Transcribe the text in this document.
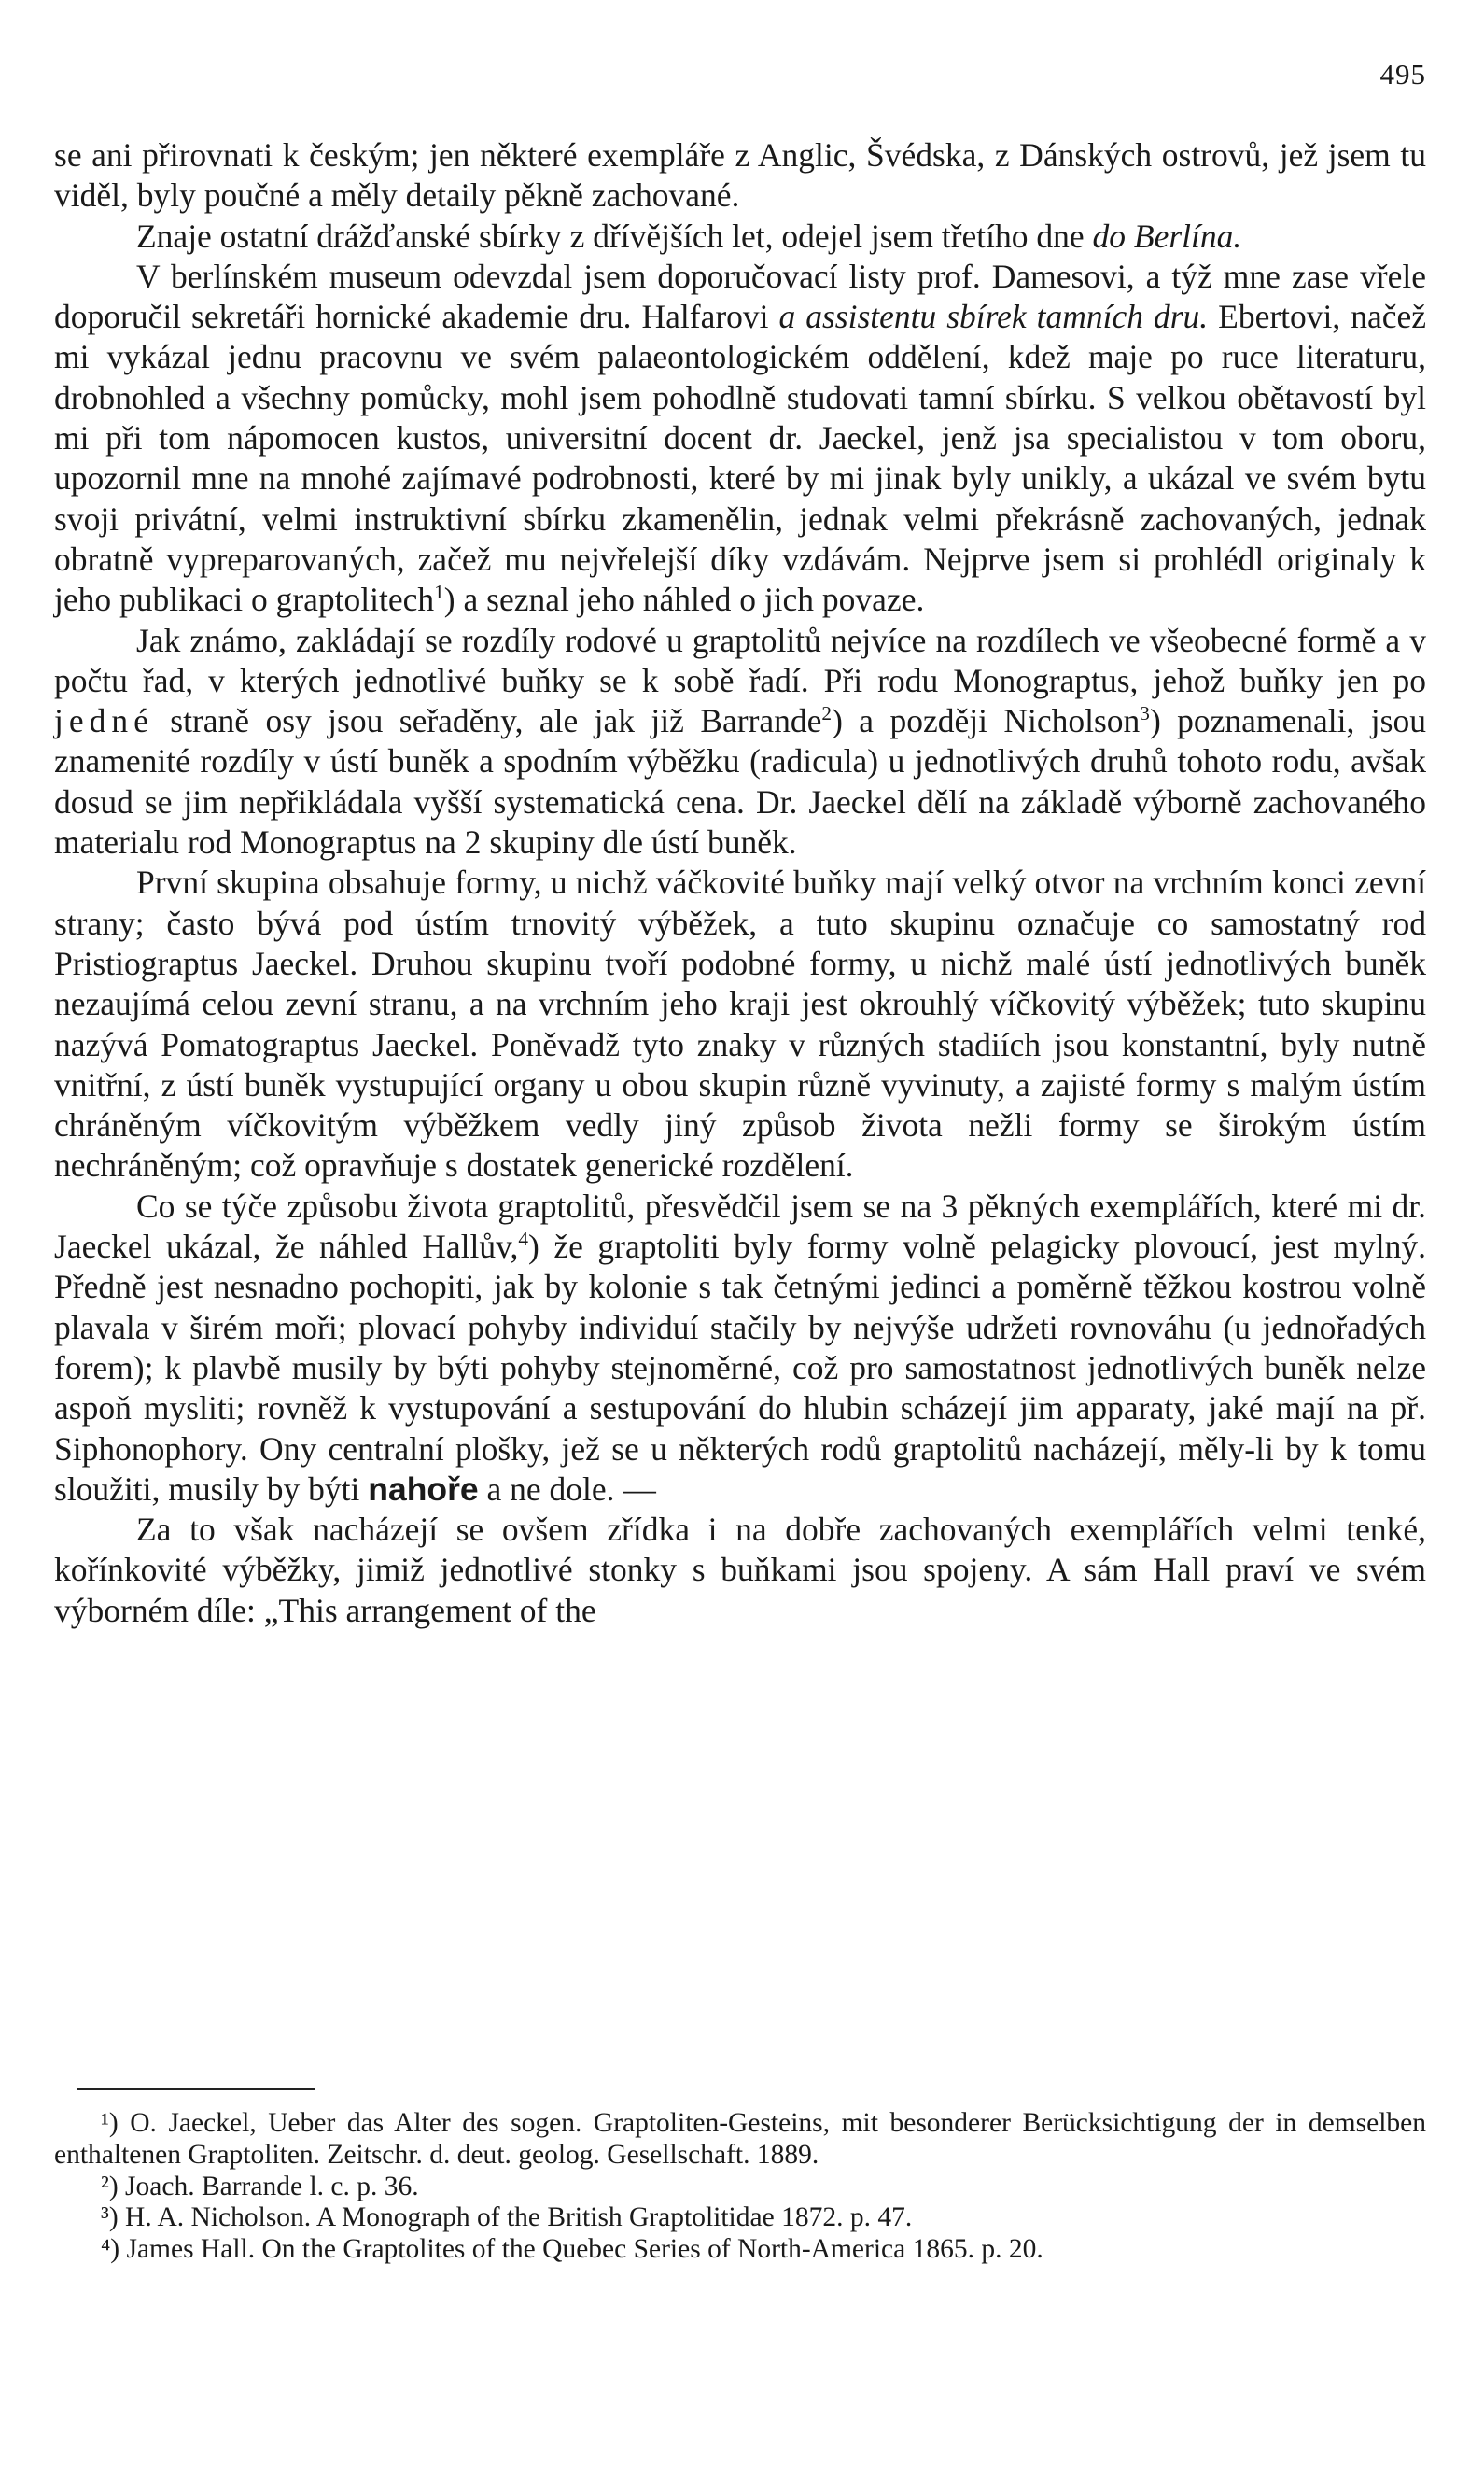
495

se ani přirovnati k českým; jen některé exempláře z Anglic, Švédska, z Dánských ostrovů, jež jsem tu viděl, byly poučné a měly detaily pěkně zachované.

Znaje ostatní drážďanské sbírky z dřívějších let, odejel jsem třetího dne do Berlína.

V berlínském museum odevzdal jsem doporučovací listy prof. Damesovi, a týž mne zase vřele doporučil sekretáři hornické akademie dru. Halfarovi a assistentu sbírek tamních dru. Ebertovi, načež mi vykázal jednu pracovnu ve svém palaeontologickém oddělení, kdež maje po ruce literaturu, drobnohled a všechny pomůcky, mohl jsem pohodlně studovati tamní sbírku. S velkou obětavostí byl mi při tom nápomocen kustos, universitní docent dr. Jaeckel, jenž jsa specialistou v tom oboru, upozornil mne na mnohé zajímavé podrobnosti, které by mi jinak byly unikly, a ukázal ve svém bytu svoji privátní, velmi instruktivní sbírku zkamenělin, jednak velmi překrásně zachovaných, jednak obratně vypreparovaných, začež mu nejvřelejší díky vzdávám. Nejprve jsem si prohlédl originaly k jeho publikaci o graptolitech$^1$) a seznal jeho náhled o jich povaze.

Jak známo, zakládají se rozdíly rodové u graptolitů nejvíce na rozdílech ve všeobecné formě a v počtu řad, v kterých jednotlivé buňky se k sobě řadí. Při rodu Monograptus, jehož buňky jen po jedné straně osy jsou seřaděny, ale jak již Barrande$^2$) a později Nicholson$^3$) poznamenali, jsou znamenité rozdíly v ústí buněk a spodním výběžku (radicula) u jednotlivých druhů tohoto rodu, avšak dosud se jim nepřikládala vyšší systematická cena. Dr. Jaeckel dělí na základě výborně zachovaného materialu rod Monograptus na 2 skupiny dle ústí buněk.

První skupina obsahuje formy, u nichž váčkovité buňky mají velký otvor na vrchním konci zevní strany; často bývá pod ústím trnovitý výběžek, a tuto skupinu označuje co samostatný rod Pristiograptus Jaeckel. Druhou skupinu tvoří podobné formy, u nichž malé ústí jednotlivých buněk nezaujímá celou zevní stranu, a na vrchním jeho kraji jest okrouhlý víčkovitý výběžek; tuto skupinu nazývá Pomatograptus Jaeckel. Poněvadž tyto znaky v různých stadiích jsou konstantní, byly nutně vnitřní, z ústí buněk vystupující organy u obou skupin různě vyvinuty, a zajisté formy s malým ústím chráněným víčkovitým výběžkem vedly jiný způsob života nežli formy se širokým ústím nechráněným; což opravňuje s dostatek generické rozdělení.

Co se týče způsobu života graptolitů, přesvědčil jsem se na 3 pěkných exemplářích, které mi dr. Jaeckel ukázal, že náhled Hallův,$^4$) že graptoliti byly formy volně pelagicky plovoucí, jest mylný. Předně jest nesnadno pochopiti, jak by kolonie s tak četnými jedinci a poměrně těžkou kostrou volně plavala v širém moři; plovací pohyby individuí stačily by nejvýše udržeti rovnováhu (u jednořadých forem); k plavbě musily by býti pohyby stejnoměrné, což pro samostatnost jednotlivých buněk nelze aspoň mysliti; rovněž k vystupování a sestupování do hlubin scházejí jim apparaty, jaké mají na př. Siphonophory. Ony centralní plošky, jež se u některých rodů graptolitů nacházejí, měly-li by k tomu sloužiti, musily by býti nahoře a ne dole. —

Za to však nacházejí se ovšem zřídka i na dobře zachovaných exemplářích velmi tenké, kořínkovité výběžky, jimiž jednotlivé stonky s buňkami jsou spojeny. A sám Hall praví ve svém výborném díle: „This arrangement of the

¹) O. Jaeckel, Ueber das Alter des sogen. Graptoliten-Gesteins, mit besonderer Berücksichtigung der in demselben enthaltenen Graptoliten. Zeitschr. d. deut. geolog. Gesellschaft. 1889.

²) Joach. Barrande l. c. p. 36.

³) H. A. Nicholson. A Monograph of the British Graptolitidae 1872. p. 47.

⁴) James Hall. On the Graptolites of the Quebec Series of North-America 1865. p. 20.
